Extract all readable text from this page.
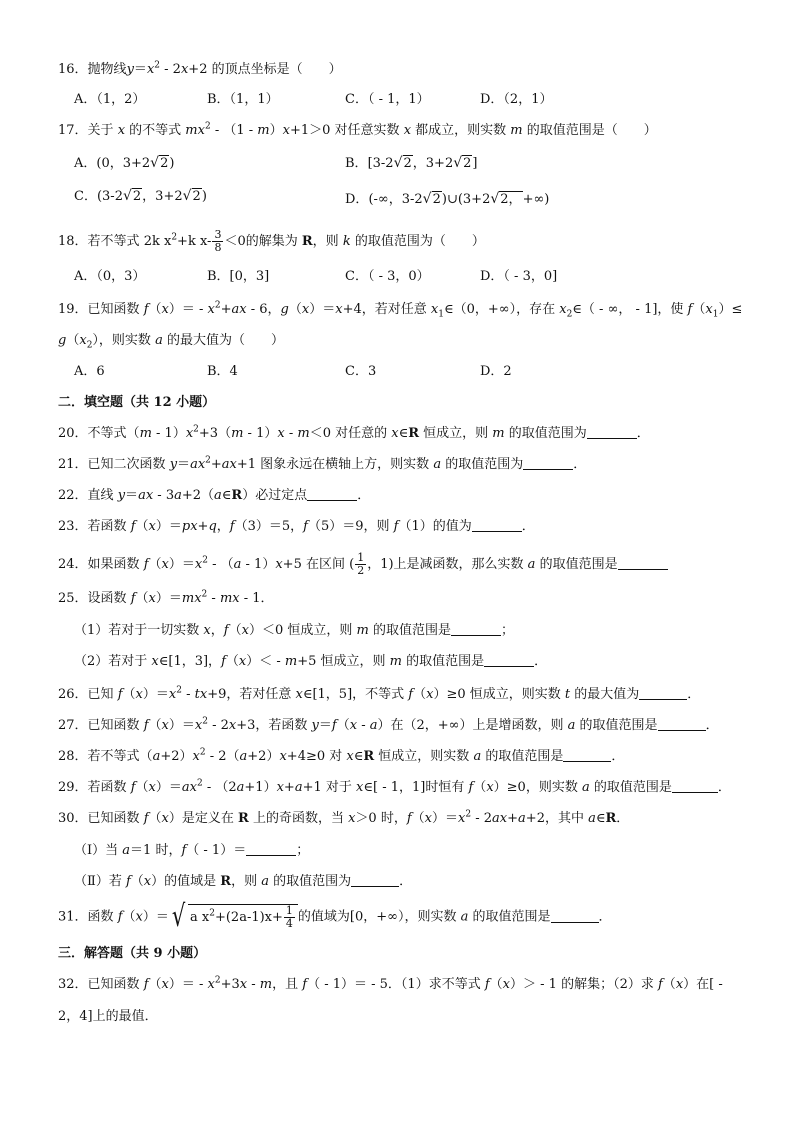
16．抛物线$y=x^2 - 2x+2$ 的顶点坐标是（　　）
A．（1，2）	B．（1，1）	C．（ - 1，1）	D．（2，1）
17．关于 x 的不等式 $mx^2 - (1 - m)x+1>0$ 对任意实数 x 都成立，则实数 m 的取值范围是（　　）
A．(0，3+2√2)	B．[3-2√2，3+2√2]
C．(3-2√2，3+2√2)	D．(-∞，3-2√2)∪(3+2√2，+∞)
18．若不等式 2k $x^2+k$ $x- \frac{3}{8} <0$的解集为 R，则 k 的取值范围为（　　）
A．（0，3）	B．[0，3]	C．（ - 3，0）	D．（ - 3，0]
19．已知函数 $f(x)= - x^2+ax - 6$，g（x）＝x+4，若对任意 $x_1\in(0$，+∞），存在 $x_2\in$（ - ∞， - 1]，使 $f(x_1)\le$
$g(x_2)$，则实数 a 的最大值为（　　）
A．6	B．4	C．3	D．2
二．填空题（共 12 小题）
20．不等式$(m - 1)x^2+3(m - 1)x - m<0$ 对任意的 x∈R 恒成立，则 m 的取值范围为	．
21．已知二次函数 $y=ax^2+ax+1$ 图象永远在横轴上方，则实数 a 的取值范围为	．
22．直线 y＝ax - 3a+2（a∈R）必过定点	．
23．若函数 f（x）＝px+q，f（3）＝5，f（5）＝9，则 f（1）的值为	．
24．如果函数 $f(x)=x^2 - (a - 1)x+5$ 在区间 ( $\frac{1}{2}$ ，1)上是减函数，那么实数 a 的取值范围是
25．设函数 $f(x)=mx^2$ - mx - 1．
（1）若对于一切实数 x，f（x）＜0 恒成立，则 m 的取值范围是	；
（2）若对于 x∈[1，3]，f（x）＜ - m+5 恒成立，则 m 的取值范围是	．
26．已知 $f(x)=x^2 - tx+9$，若对任意 x∈[1，5]，不等式 f（x）≥0 恒成立，则实数 t 的最大值为	．
27．已知函数 $f(x)=x^2 - 2x+3$，若函数 y＝f（x - a）在（2，+∞）上是增函数，则 a 的取值范围是	．
28．若不等式$(a+2)x^2 - 2(a+2)x+4\ge 0$ 对 x∈R 恒成立，则实数 a 的取值范围是	．
29．若函数 $f(x)=ax^2 - (2a+1)x+a+1$ 对于 x∈[ - 1，1]时恒有 f（x）≥0，则实数 a 的取值范围是	．
30．已知函数 f（x）是定义在 R 上的奇函数，当 x＞0 时，$f(x)=x^2 - 2ax+a+2$，其中 a∈R．
（Ⅰ）当 a＝1 时，f（ - 1）＝	；
（Ⅱ）若 f（x）的值域是 R，则 a 的取值范围为	．
31．函数 f（x）＝√ a $x^2+(2a-1)x+ \frac{1}{4}$ 的值域为[0，+∞），则实数 a 的取值范围是	．
三．解答题（共 9 小题）
32．已知函数 $f(x)= - x^2+3x - m$，且 f（ - 1）＝ - 5．（1）求不等式 f（x）＞ - 1 的解集；（2）求 f（x）在[ -
2，4]上的最值．
